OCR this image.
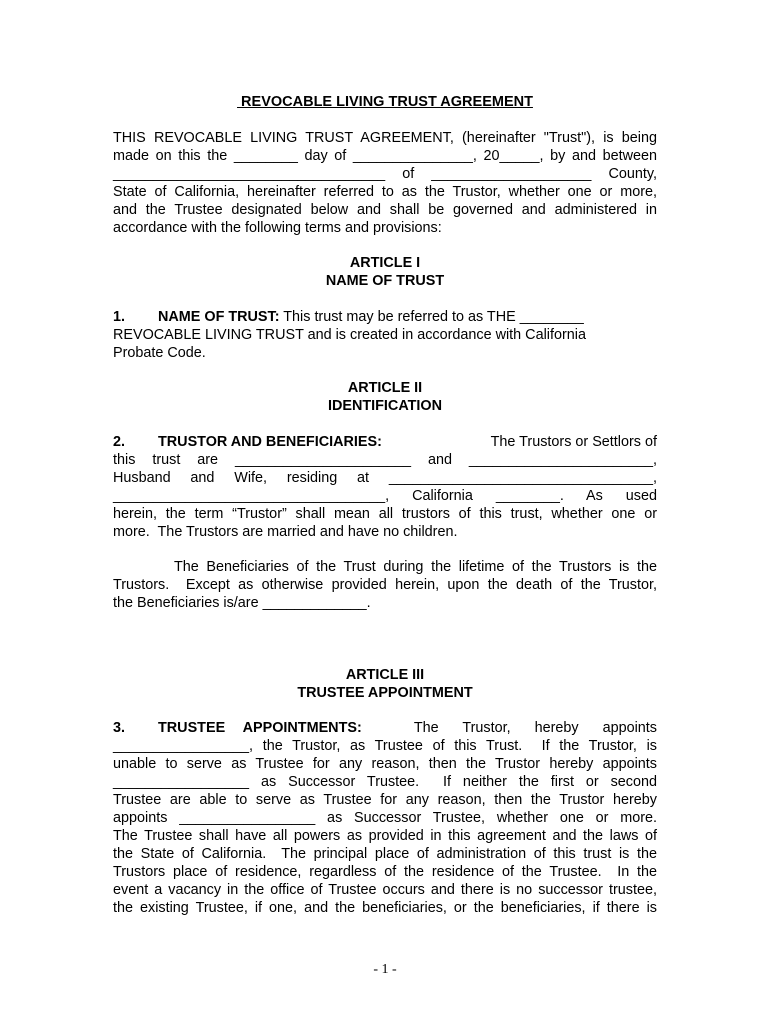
REVOCABLE LIVING TRUST AGREEMENT
THIS REVOCABLE LIVING TRUST AGREEMENT, (hereinafter "Trust"), is being
made on this the ________ day of _______________, 20_____, by and between
__________________________________ of ____________________ County,
State of California, hereinafter referred to as the Trustor, whether one or more,
and the Trustee designated below and shall be governed and administered in
accordance with the following terms and provisions:
ARTICLE I
NAME OF TRUST
1. NAME OF TRUST: This trust may be referred to as THE ________
REVOCABLE LIVING TRUST and is created in accordance with California
Probate Code.
ARTICLE II
IDENTIFICATION
2. TRUSTOR AND BENEFICIARIES:	The Trustors or Settlors of
this trust are ______________________ and _______________________,
Husband and Wife, residing at _________________________________,
__________________________________, California ________. As used
herein, the term “Trustor” shall mean all trustors of this trust, whether one or
more.  The Trustors are married and have no children.
The Beneficiaries of the Trust during the lifetime of the Trustors is the
Trustors.  Except as otherwise provided herein, upon the death of the Trustor,
the Beneficiaries is/are _____________.
ARTICLE III
TRUSTEE APPOINTMENT
3. TRUSTEE APPOINTMENTS:	The Trustor, hereby appoints
_________________, the Trustor, as Trustee of this Trust.  If the Trustor, is
unable to serve as Trustee for any reason, then the Trustor hereby appoints
_________________ as Successor Trustee.  If neither the first or second
Trustee are able to serve as Trustee for any reason, then the Trustor hereby
appoints _________________ as Successor Trustee, whether one or more.
The Trustee shall have all powers as provided in this agreement and the laws of
the State of California.  The principal place of administration of this trust is the
Trustors place of residence, regardless of the residence of the Trustee.  In the
event a vacancy in the office of Trustee occurs and there is no successor trustee,
the existing Trustee, if one, and the beneficiaries, or the beneficiaries, if there is
- 1 -
